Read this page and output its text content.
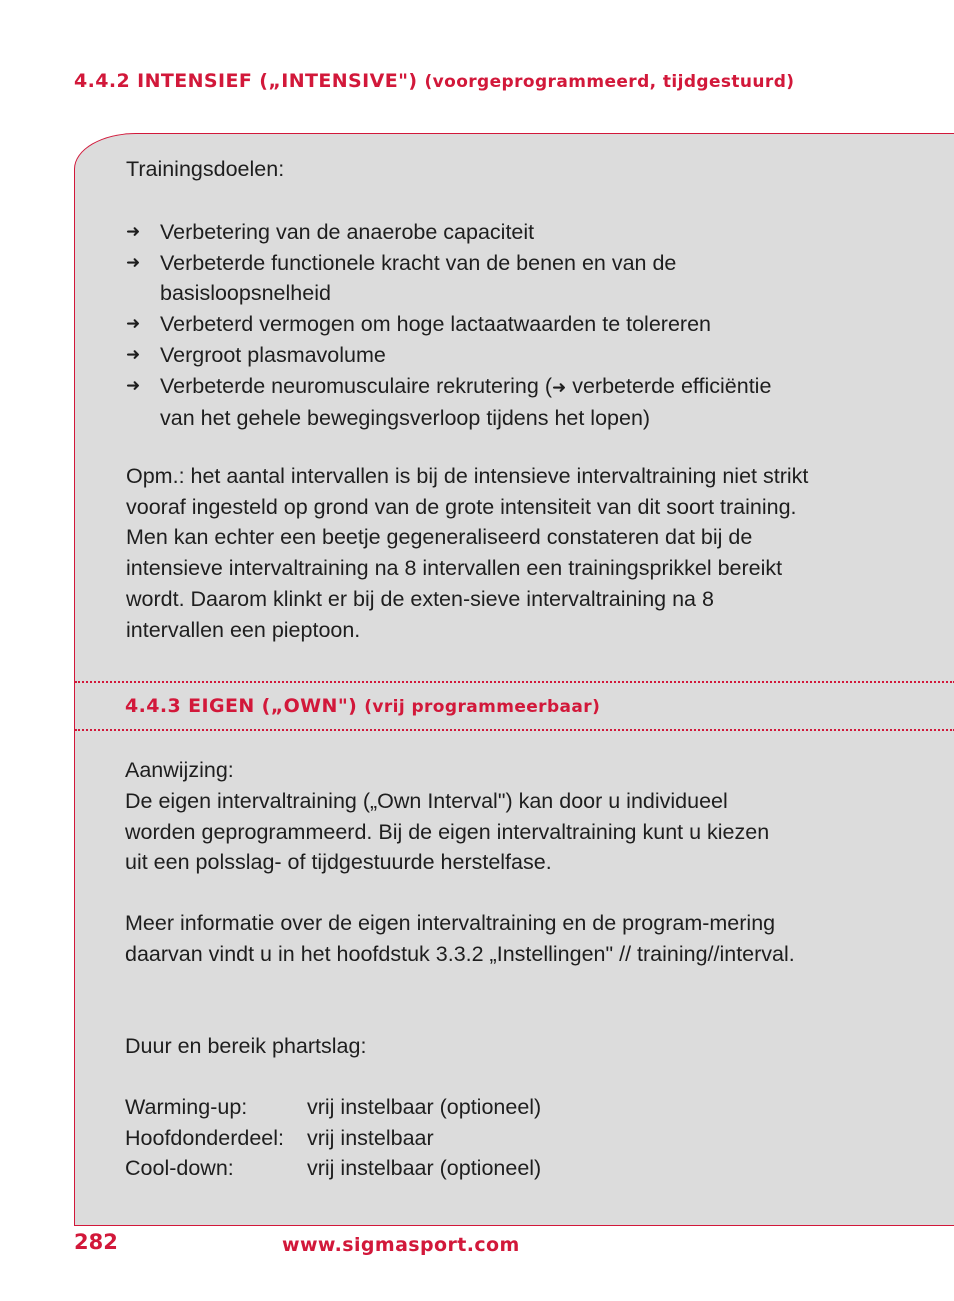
4.4.2 INTENSIEF („INTENSIVE") (voorgeprogrammeerd, tijdgestuurd)

Trainingsdoelen:

➜ Verbetering van de anaerobe capaciteit
➜ Verbeterde functionele kracht van de benen en van de basisloopsnelheid
➜ Verbeterd vermogen om hoge lactaatwaarden te tolereren
➜ Vergroot plasmavolume
➜ Verbeterde neuromusculaire rekrutering (➜ verbeterde efficiëntie van het gehele bewegingsverloop tijdens het lopen)

Opm.: het aantal intervallen is bij de intensieve intervaltraining niet strikt vooraf ingesteld op grond van de grote intensiteit van dit soort training. Men kan echter een beetje gegeneraliseerd constateren dat bij de intensieve intervaltraining na 8 intervallen een trainingsprikkel bereikt wordt. Daarom klinkt er bij de exten-sieve intervaltraining na 8 intervallen een pieptoon.

4.4.3 EIGEN („OWN") (vrij programmeerbaar)

Aanwijzing:

De eigen intervaltraining („Own Interval") kan door u individueel worden geprogrammeerd. Bij de eigen intervaltraining kunt u kiezen uit een polsslag- of tijdgestuurde herstelfase.

Meer informatie over de eigen intervaltraining en de program-mering daarvan vindt u in het hoofdstuk 3.3.2 „Instellingen" // training//interval.

Duur en bereik phartslag:

Warming-up:	vrij instelbaar (optioneel)
Hoofdonderdeel:	vrij instelbaar
Cool-down:	vrij instelbaar (optioneel)
282	www.sigmasport.com
